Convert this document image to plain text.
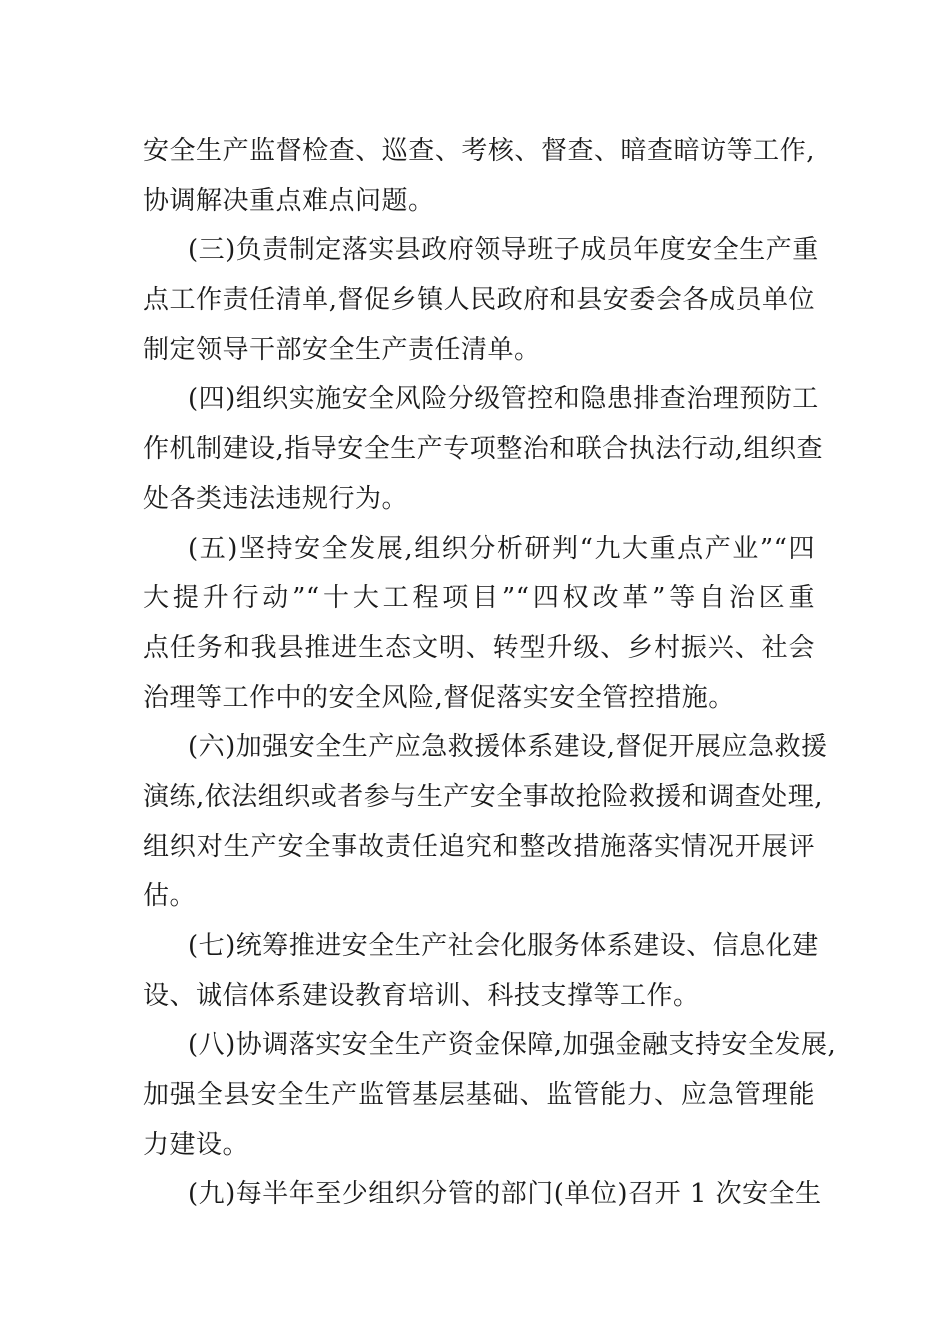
安全生产监督检查、巡查、考核、督查、暗查暗访等工作,
协调解决重点难点问题。
(三)负责制定落实县政府领导班子成员年度安全生产重
点工作责任清单,督促乡镇人民政府和县安委会各成员单位
制定领导干部安全生产责任清单。
(四)组织实施安全风险分级管控和隐患排查治理预防工
作机制建设,指导安全生产专项整治和联合执法行动,组织查
处各类违法违规行为。
(五)坚持安全发展,组织分析研判“九大重点产业”“四
大提升行动”“十大工程项目”“四权改革”等自治区重
点任务和我县推进生态文明、转型升级、乡村振兴、社会
治理等工作中的安全风险,督促落实安全管控措施。
(六)加强安全生产应急救援体系建设,督促开展应急救援
演练,依法组织或者参与生产安全事故抢险救援和调查处理,
组织对生产安全事故责任追究和整改措施落实情况开展评
估。
(七)统筹推进安全生产社会化服务体系建设、信息化建
设、诚信体系建设教育培训、科技支撑等工作。
(八)协调落实安全生产资金保障,加强金融支持安全发展,
加强全县安全生产监管基层基础、监管能力、应急管理能
力建设。
(九)每半年至少组织分管的部门(单位)召开 1 次安全生
